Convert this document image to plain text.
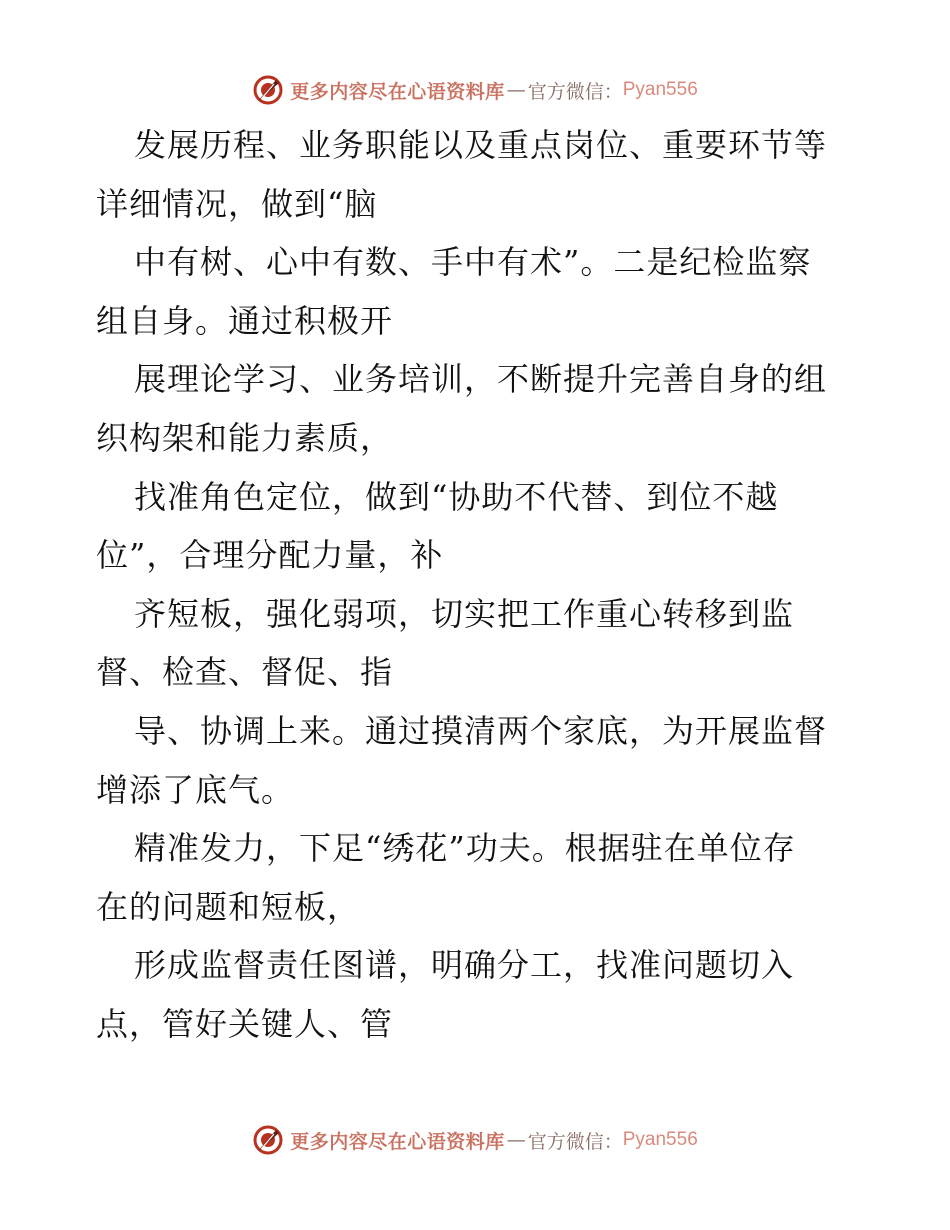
更多内容尽在心语资料库 — 官方微信： Pyan556
发展历程、业务职能以及重点岗位、重要环节等
详细情况，做到“脑
中有树、心中有数、手中有术”。二是纪检监察
组自身。通过积极开
展理论学习、业务培训，不断提升完善自身的组
织构架和能力素质，
找准角色定位，做到“协助不代替、到位不越
位”，合理分配力量，补
齐短板，强化弱项，切实把工作重心转移到监
督、检查、督促、指
导、协调上来。通过摸清两个家底，为开展监督
增添了底气。
精准发力，下足“绣花”功夫。根据驻在单位存
在的问题和短板，
形成监督责任图谱，明确分工，找准问题切入
点，管好关键人、管
更多内容尽在心语资料库 — 官方微信： Pyan556
